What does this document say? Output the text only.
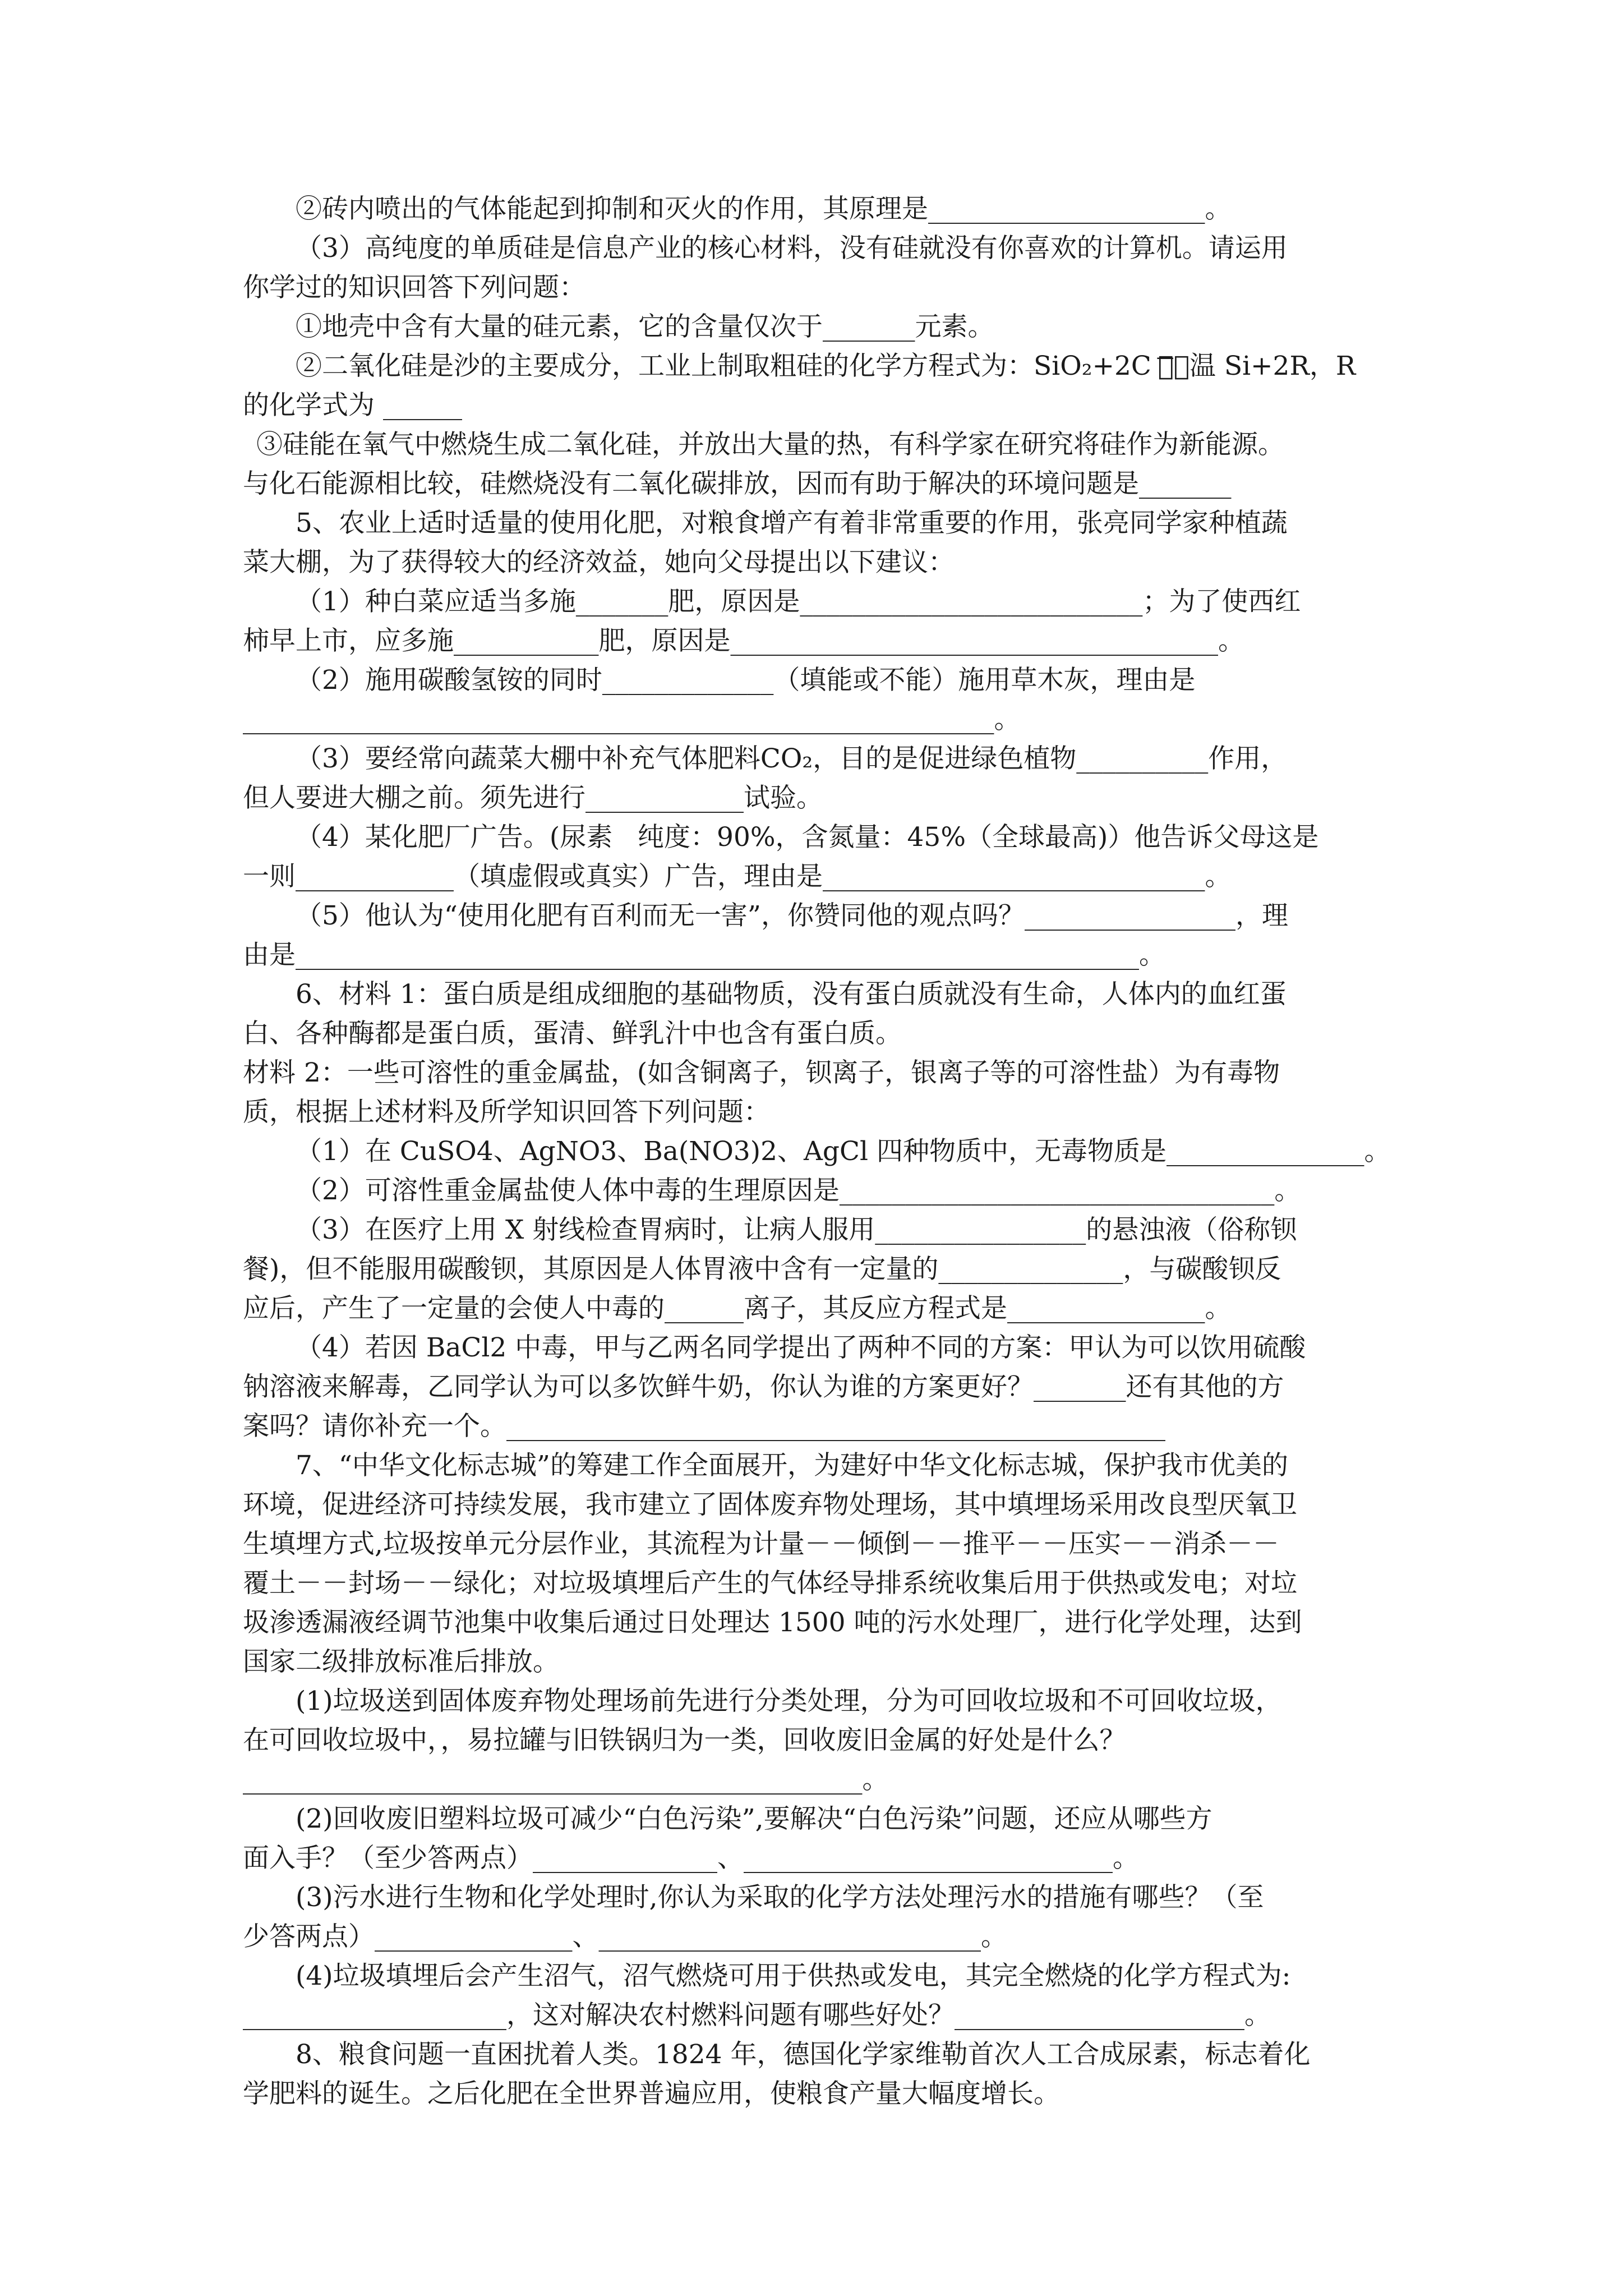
②砖内喷出的气体能起到抑制和灭火的作用，其原理是_____________________。
（3）高纯度的单质硅是信息产业的核心材料，没有硅就没有你喜欢的计算机。请运用
你学过的知识回答下列问题：
①地壳中含有大量的硅元素，它的含量仅次于_______元素。
②二氧化硅是沙的主要成分，工业上制取粗硅的化学方程式为：SiO₂+2C ͞高͞温 Si+2R，R
的化学式为 ______
③硅能在氧气中燃烧生成二氧化硅，并放出大量的热，有科学家在研究将硅作为新能源。
与化石能源相比较，硅燃烧没有二氧化碳排放，因而有助于解决的环境问题是_______
5、农业上适时适量的使用化肥，对粮食增产有着非常重要的作用，张亮同学家种植蔬
菜大棚，为了获得较大的经济效益，她向父母提出以下建议：
（1）种白菜应适当多施_______肥，原因是__________________________；为了使西红
柿早上市，应多施___________肥，原因是_____________________________________。
（2）施用碳酸氢铵的同时_____________（填能或不能）施用草木灰，理由是
_________________________________________________________。
（3）要经常向蔬菜大棚中补充气体肥料CO₂，目的是促进绿色植物__________作用，
但人要进大棚之前。须先进行____________试验。
（4）某化肥厂广告。(尿素   纯度：90%，含氮量：45%（全球最高)）他告诉父母这是
一则____________（填虚假或真实）广告，理由是_____________________________。
（5）他认为“使用化肥有百利而无一害”，你赞同他的观点吗？________________，理
由是________________________________________________________________。
6、材料 1：蛋白质是组成细胞的基础物质，没有蛋白质就没有生命，人体内的血红蛋
白、各种酶都是蛋白质，蛋清、鲜乳汁中也含有蛋白质。
材料 2：一些可溶性的重金属盐，(如含铜离子，钡离子，银离子等的可溶性盐）为有毒物
质，根据上述材料及所学知识回答下列问题：
（1）在 CuSO4、AgNO3、Ba(NO3)2、AgCl 四种物质中，无毒物质是_______________。
（2）可溶性重金属盐使人体中毒的生理原因是_________________________________。
（3）在医疗上用 X 射线检查胃病时，让病人服用________________的悬浊液（俗称钡
餐)，但不能服用碳酸钡，其原因是人体胃液中含有一定量的______________，与碳酸钡反
应后，产生了一定量的会使人中毒的______离子，其反应方程式是_______________。
（4）若因 BaCl2 中毒，甲与乙两名同学提出了两种不同的方案：甲认为可以饮用硫酸
钠溶液来解毒，乙同学认为可以多饮鲜牛奶，你认为谁的方案更好？_______还有其他的方
案吗？请你补充一个。__________________________________________________
7、“中华文化标志城”的筹建工作全面展开，为建好中华文化标志城，保护我市优美的
环境，促进经济可持续发展，我市建立了固体废弃物处理场，其中填埋场采用改良型厌氧卫
生填埋方式,垃圾按单元分层作业，其流程为计量－－倾倒－－推平－－压实－－消杀－－
覆土－－封场－－绿化；对垃圾填埋后产生的气体经导排系统收集后用于供热或发电；对垃
圾渗透漏液经调节池集中收集后通过日处理达 1500 吨的污水处理厂，进行化学处理，达到
国家二级排放标准后排放。
(1)垃圾送到固体废弃物处理场前先进行分类处理，分为可回收垃圾和不可回收垃圾，
在可回收垃圾中，，易拉罐与旧铁锅归为一类，回收废旧金属的好处是什么？
_______________________________________________。
(2)回收废旧塑料垃圾可减少“白色污染”,要解决“白色污染”问题，还应从哪些方
面入手？（至少答两点）______________、____________________________。
(3)污水进行生物和化学处理时,你认为采取的化学方法处理污水的措施有哪些？（至
少答两点）_______________、_____________________________。
(4)垃圾填埋后会产生沼气，沼气燃烧可用于供热或发电，其完全燃烧的化学方程式为:
____________________，这对解决农村燃料问题有哪些好处？______________________。
8、粮食问题一直困扰着人类。1824 年，德国化学家维勒首次人工合成尿素，标志着化
学肥料的诞生。之后化肥在全世界普遍应用，使粮食产量大幅度增长。
